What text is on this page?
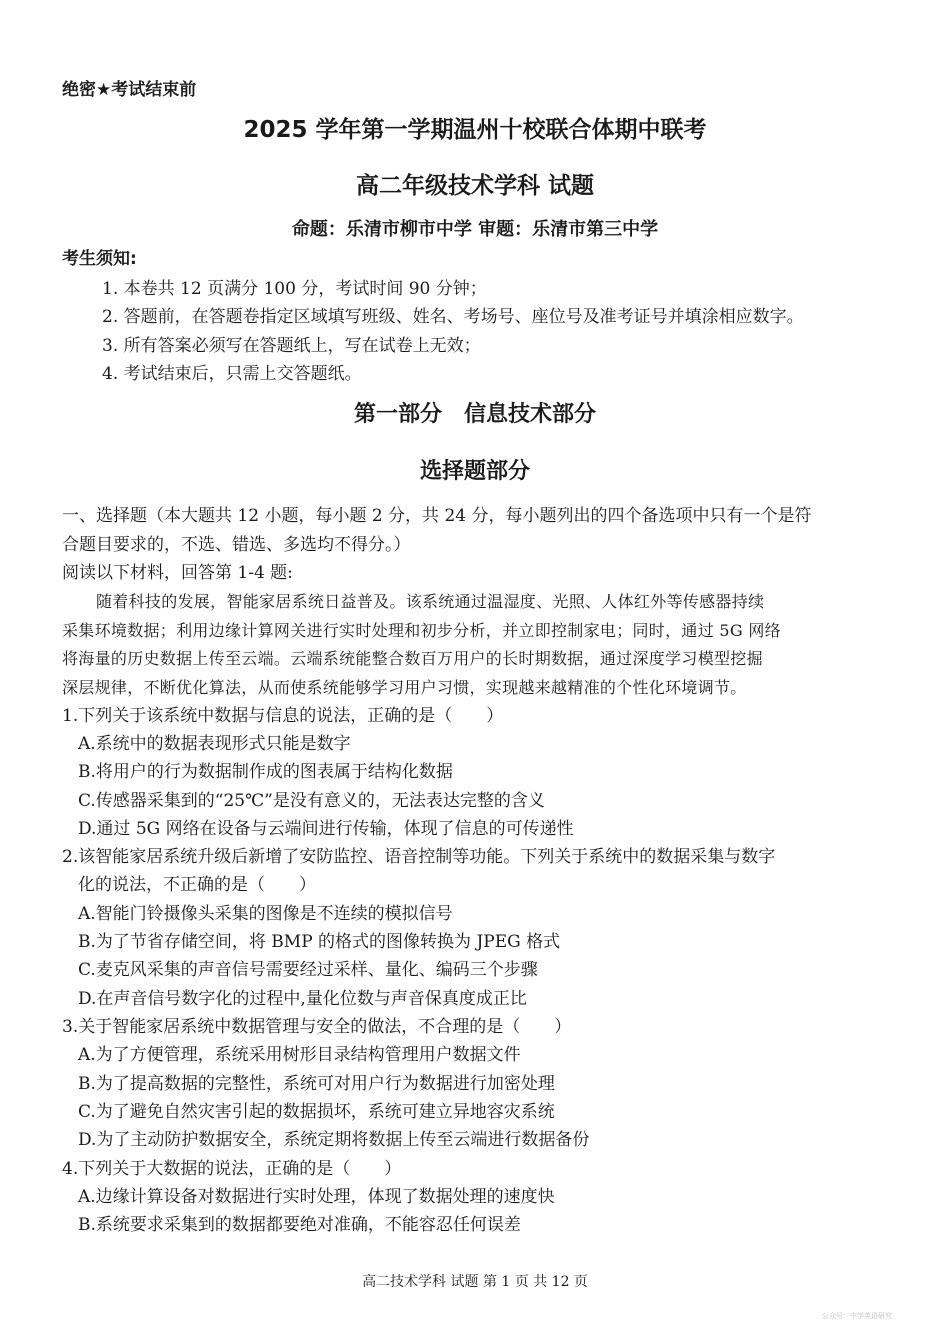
绝密★考试结束前
2025 学年第一学期温州十校联合体期中联考
高二年级技术学科 试题
命题：乐清市柳市中学 审题：乐清市第三中学
考生须知:
1. 本卷共 12 页满分 100 分，考试时间 90 分钟；
2. 答题前，在答题卷指定区域填写班级、姓名、考场号、座位号及准考证号并填涂相应数字。
3. 所有答案必须写在答题纸上，写在试卷上无效；
4. 考试结束后，只需上交答题纸。
第一部分　信息技术部分
选择题部分
一、选择题（本大题共 12 小题，每小题 2 分，共 24 分，每小题列出的四个备选项中只有一个是符
合题目要求的，不选、错选、多选均不得分。）
阅读以下材料，回答第 1-4 题:
随着科技的发展，智能家居系统日益普及。该系统通过温湿度、光照、人体红外等传感器持续
采集环境数据；利用边缘计算网关进行实时处理和初步分析，并立即控制家电；同时，通过 5G 网络
将海量的历史数据上传至云端。云端系统能整合数百万用户的长时期数据，通过深度学习模型挖掘
深层规律，不断优化算法，从而使系统能够学习用户习惯，实现越来越精准的个性化环境调节。
1.下列关于该系统中数据与信息的说法，正确的是（　　）
A.系统中的数据表现形式只能是数字
B.将用户的行为数据制作成的图表属于结构化数据
C.传感器采集到的“25℃”是没有意义的，无法表达完整的含义
D.通过 5G 网络在设备与云端间进行传输，体现了信息的可传递性
2.该智能家居系统升级后新增了安防监控、语音控制等功能。下列关于系统中的数据采集与数字
化的说法，不正确的是（　　）
A.智能门铃摄像头采集的图像是不连续的模拟信号
B.为了节省存储空间，将 BMP 的格式的图像转换为 JPEG 格式
C.麦克风采集的声音信号需要经过采样、量化、编码三个步骤
D.在声音信号数字化的过程中,量化位数与声音保真度成正比
3.关于智能家居系统中数据管理与安全的做法，不合理的是（　　）
A.为了方便管理，系统采用树形目录结构管理用户数据文件
B.为了提高数据的完整性，系统可对用户行为数据进行加密处理
C.为了避免自然灾害引起的数据损坏，系统可建立异地容灾系统
D.为了主动防护数据安全，系统定期将数据上传至云端进行数据备份
4.下列关于大数据的说法，正确的是（　　）
A.边缘计算设备对数据进行实时处理，体现了数据处理的速度快
B.系统要求采集到的数据都要绝对准确，不能容忍任何误差
高二技术学科 试题 第 1 页 共 12 页
公众号：中学英语研究
